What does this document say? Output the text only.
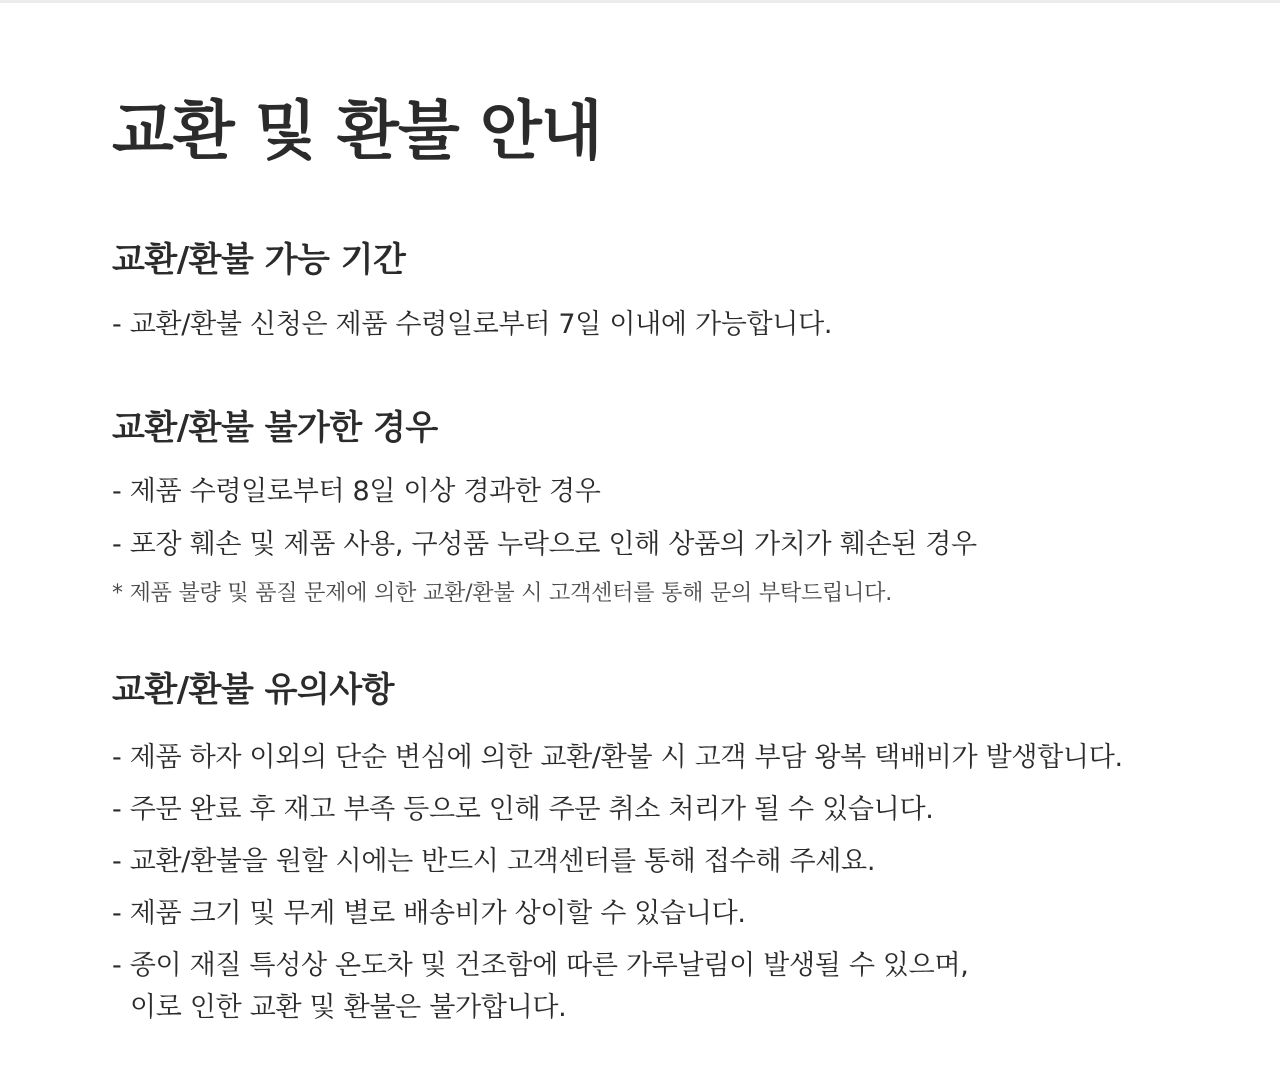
교환 및 환불 안내
교환/환불 가능 기간

- 교환/환불 신청은 제품 수령일로부터 7일 이내에 가능합니다.

교환/환불 불가한 경우

- 제품 수령일로부터 8일 이상 경과한 경우

- 포장 훼손 및 제품 사용, 구성품 누락으로 인해 상품의 가치가 훼손된 경우

* 제품 불량 및 품질 문제에 의한 교환/환불 시 고객센터를 통해 문의 부탁드립니다.

교환/환불 유의사항

- 제품 하자 이외의 단순 변심에 의한 교환/환불 시 고객 부담 왕복 택배비가 발생합니다.

- 주문 완료 후 재고 부족 등으로 인해 주문 취소 처리가 될 수 있습니다.

- 교환/환불을 원할 시에는 반드시 고객센터를 통해 접수해 주세요.

- 제품 크기 및 무게 별로 배송비가 상이할 수 있습니다.

- 종이 재질 특성상 온도차 및 건조함에 따른 가루날림이 발생될 수 있으며,

이로 인한 교환 및 환불은 불가합니다.
